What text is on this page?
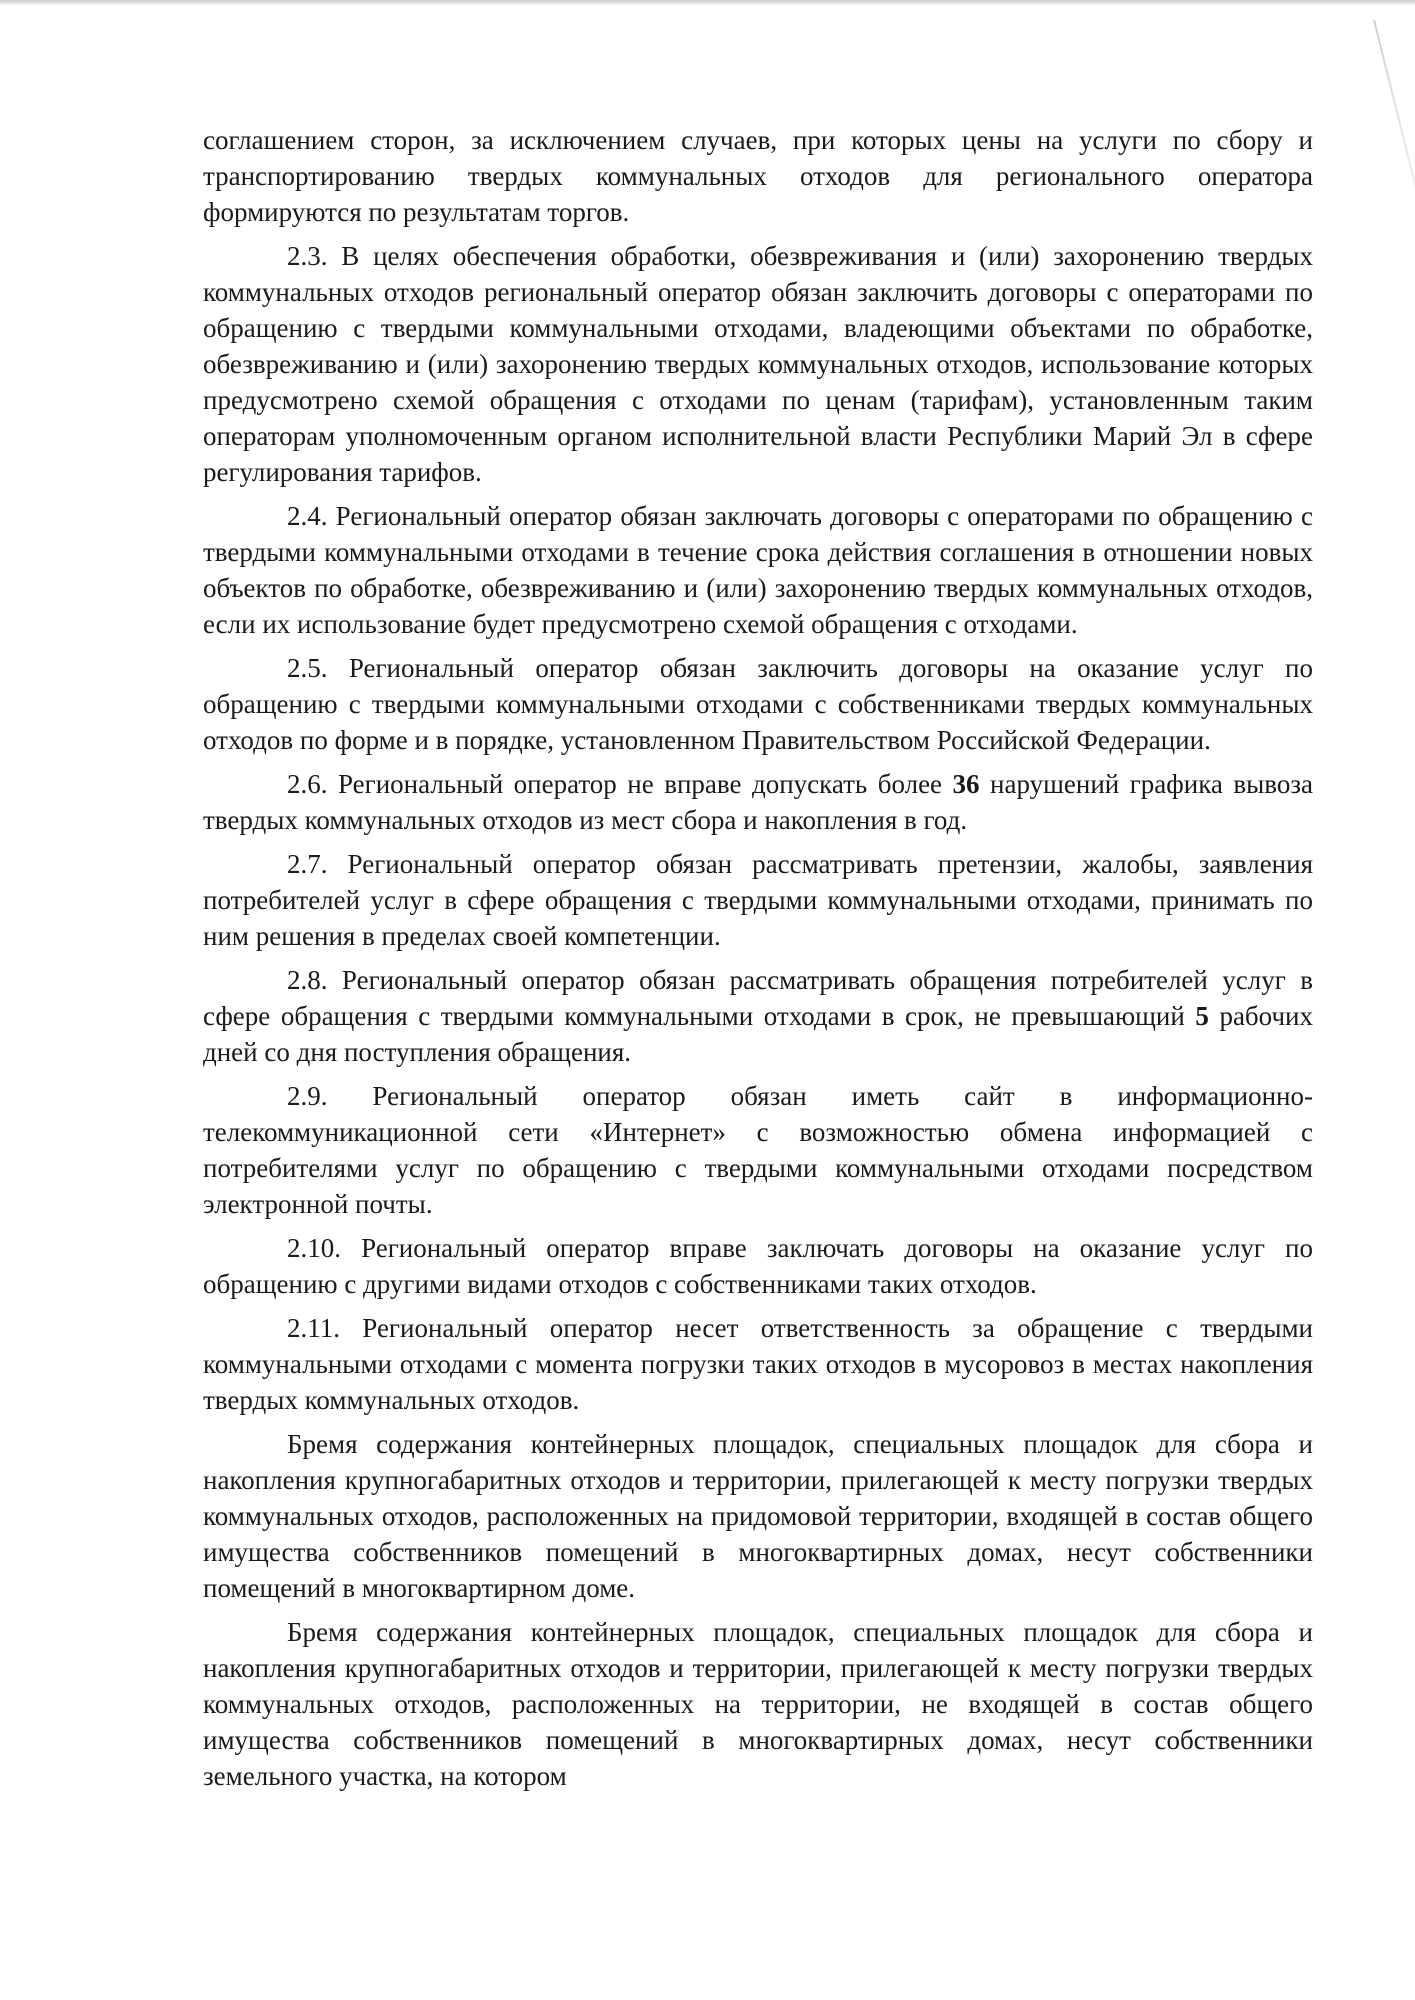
соглашением сторон, за исключением случаев, при которых цены на услуги по сбору и транспортированию твердых коммунальных отходов для регионального оператора формируются по результатам торгов.

2.3. В целях обеспечения обработки, обезвреживания и (или) захоронению твердых коммунальных отходов региональный оператор обязан заключить договоры с операторами по обращению с твердыми коммунальными отходами, владеющими объектами по обработке, обезвреживанию и (или) захоронению твердых коммунальных отходов, использование которых предусмотрено схемой обращения с отходами по ценам (тарифам), установленным таким операторам уполномоченным органом исполнительной власти Республики Марий Эл в сфере регулирования тарифов.

2.4. Региональный оператор обязан заключать договоры с операторами по обращению с твердыми коммунальными отходами в течение срока действия соглашения в отношении новых объектов по обработке, обезвреживанию и (или) захоронению твердых коммунальных отходов, если их использование будет предусмотрено схемой обращения с отходами.

2.5. Региональный оператор обязан заключить договоры на оказание услуг по обращению с твердыми коммунальными отходами с собственниками твердых коммунальных отходов по форме и в порядке, установленном Правительством Российской Федерации.

2.6. Региональный оператор не вправе допускать более 36 нарушений графика вывоза твердых коммунальных отходов из мест сбора и накопления в год.

2.7. Региональный оператор обязан рассматривать претензии, жалобы, заявления потребителей услуг в сфере обращения с твердыми коммунальными отходами, принимать по ним решения в пределах своей компетенции.

2.8. Региональный оператор обязан рассматривать обращения потребителей услуг в сфере обращения с твердыми коммунальными отходами в срок, не превышающий 5 рабочих дней со дня поступления обращения.

2.9. Региональный оператор обязан иметь сайт в информационно-телекоммуникационной сети «Интернет» с возможностью обмена информацией с потребителями услуг по обращению с твердыми коммунальными отходами посредством электронной почты.

2.10. Региональный оператор вправе заключать договоры на оказание услуг по обращению с другими видами отходов с собственниками таких отходов.

2.11. Региональный оператор несет ответственность за обращение с твердыми коммунальными отходами с момента погрузки таких отходов в мусоровоз в местах накопления твердых коммунальных отходов.

Бремя содержания контейнерных площадок, специальных площадок для сбора и накопления крупногабаритных отходов и территории, прилегающей к месту погрузки твердых коммунальных отходов, расположенных на придомовой территории, входящей в состав общего имущества собственников помещений в многоквартирных домах, несут собственники помещений в многоквартирном доме.

Бремя содержания контейнерных площадок, специальных площадок для сбора и накопления крупногабаритных отходов и территории, прилегающей к месту погрузки твердых коммунальных отходов, расположенных на территории, не входящей в состав общего имущества собственников помещений в многоквартирных домах, несут собственники земельного участка, на котором
